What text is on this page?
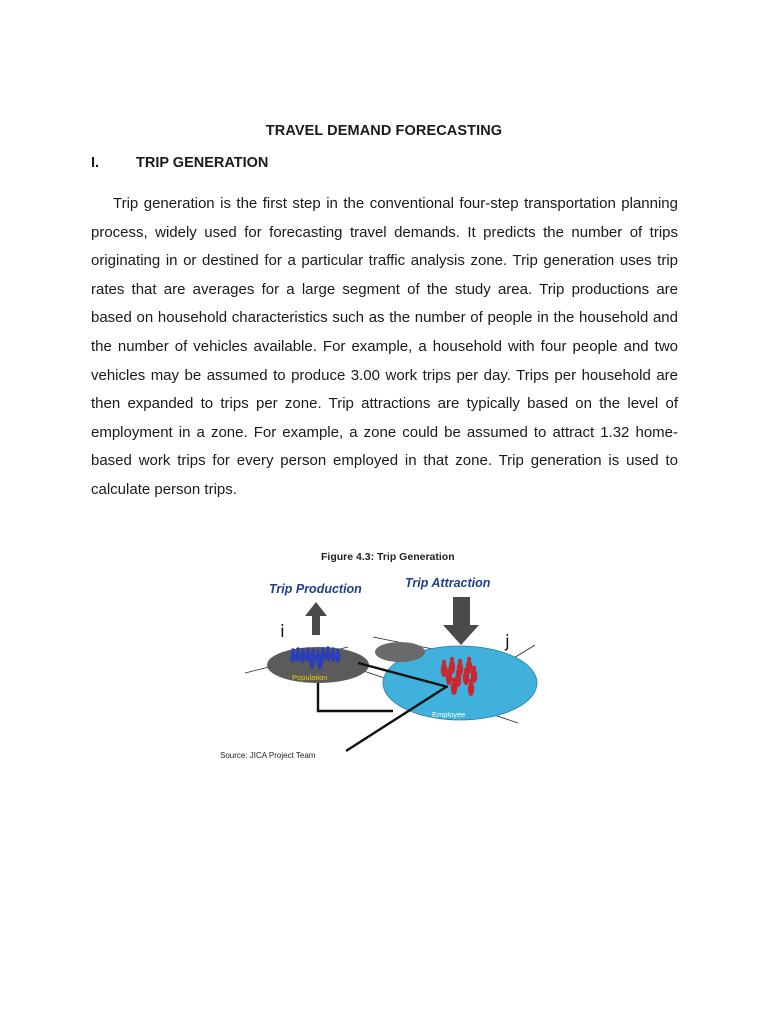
TRAVEL DEMAND FORECASTING
I.	TRIP GENERATION

Trip generation is the first step in the conventional four-step transportation planning process, widely used for forecasting travel demands. It predicts the number of trips originating in or destined for a particular traffic analysis zone. Trip generation uses trip rates that are averages for a large segment of the study area. Trip productions are based on household characteristics such as the number of people in the household and the number of vehicles available. For example, a household with four people and two vehicles may be assumed to produce 3.00 work trips per day. Trips per household are then expanded to trips per zone. Trip attractions are typically based on the level of employment in a zone. For example, a zone could be assumed to attract 1.32 home-based work trips for every person employed in that zone. Trip generation is used to calculate person trips.

Figure 4.3: Trip Generation
Trip Production	Trip Attraction
i	j
Population
Employee
Source: JICA Project Team
